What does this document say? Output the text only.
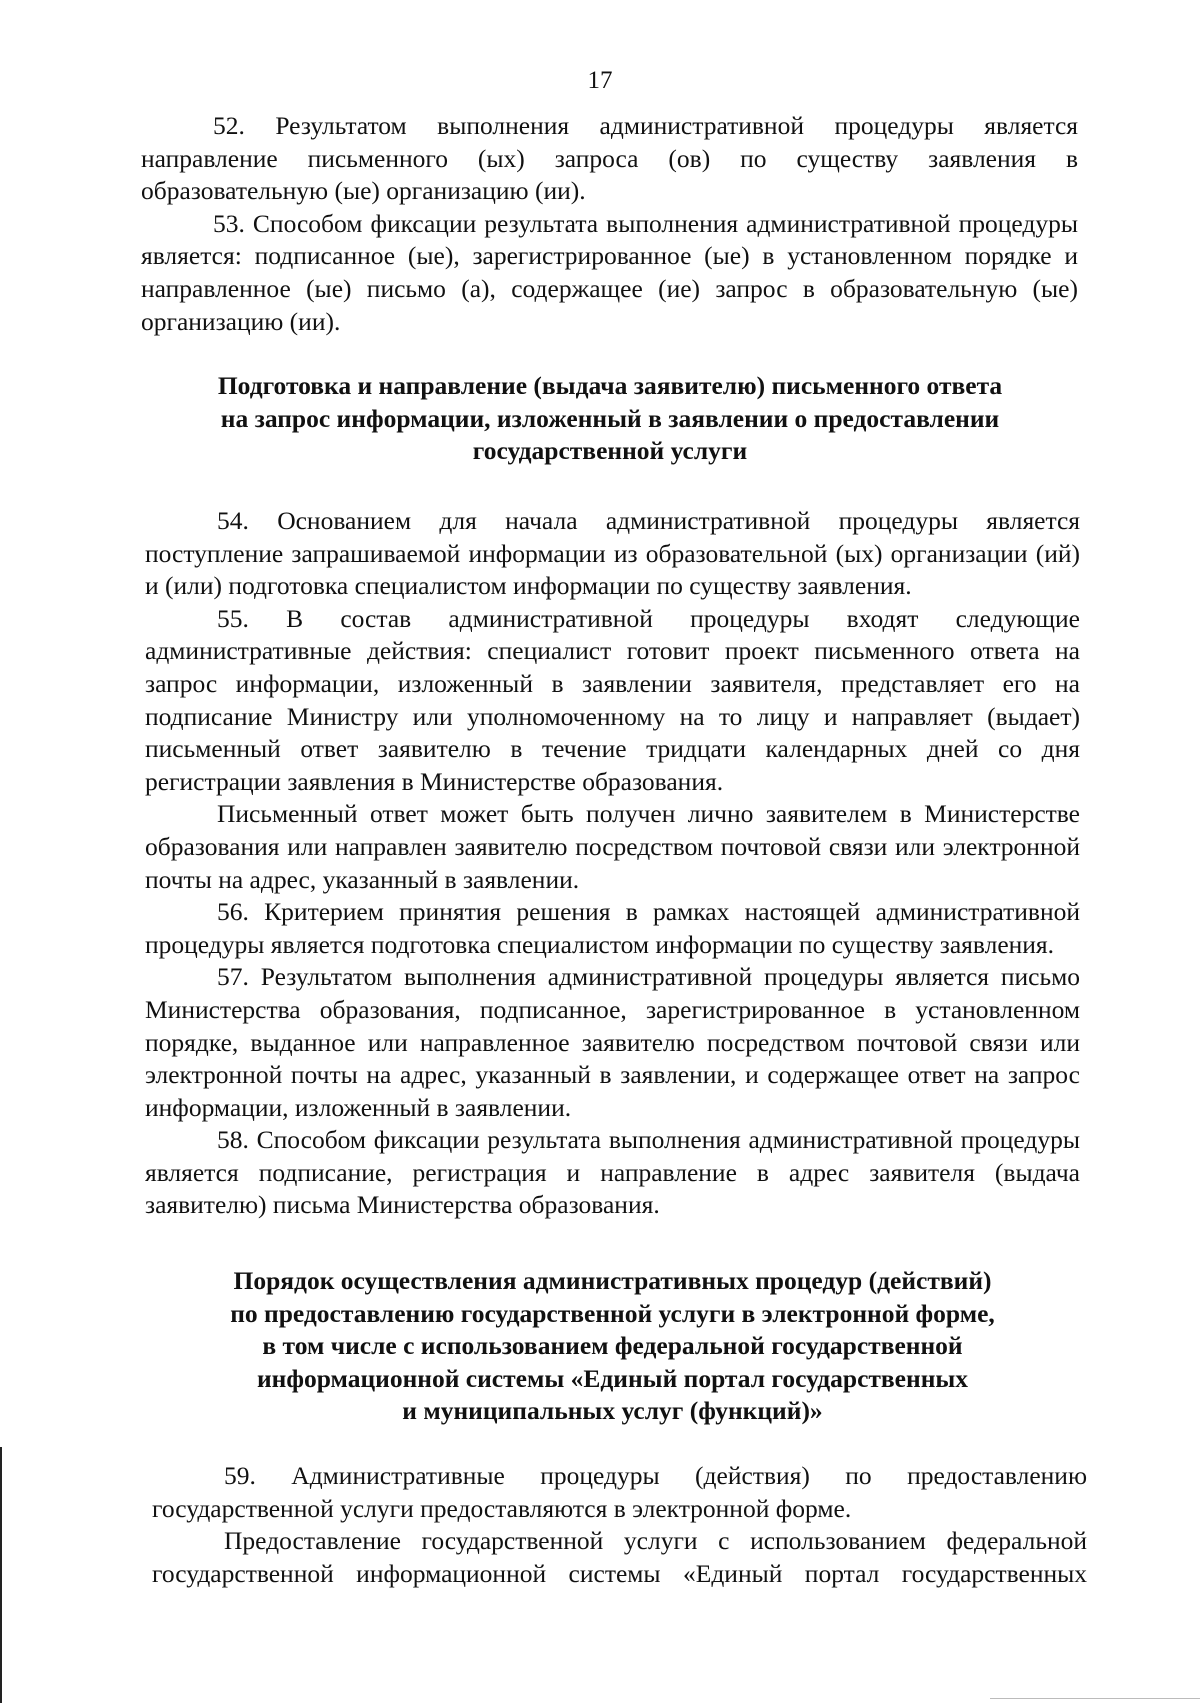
17

52. Результатом выполнения административной процедуры является направление письменного (ых) запроса (ов) по существу заявления в образовательную (ые) организацию (ии).

53. Способом фиксации результата выполнения административной процедуры является: подписанное (ые), зарегистрированное (ые) в установленном порядке и направленное (ые) письмо (а), содержащее (ие) запрос в образовательную (ые) организацию (ии).

Подготовка и направление (выдача заявителю) письменного ответа
на запрос информации, изложенный в заявлении о предоставлении
государственной услуги

54. Основанием для начала административной процедуры является поступление запрашиваемой информации из образовательной (ых) организации (ий) и (или) подготовка специалистом информации по существу заявления.

55. В состав административной процедуры входят следующие административные действия: специалист готовит проект письменного ответа на запрос информации, изложенный в заявлении заявителя, представляет его на подписание Министру или уполномоченному на то лицу и направляет (выдает) письменный ответ заявителю в течение тридцати календарных дней со дня регистрации заявления в Министерстве образования.

Письменный ответ может быть получен лично заявителем в Министерстве образования или направлен заявителю посредством почтовой связи или электронной почты на адрес, указанный в заявлении.

56. Критерием принятия решения в рамках настоящей административной процедуры является подготовка специалистом информации по существу заявления.

57. Результатом выполнения административной процедуры является письмо Министерства образования, подписанное, зарегистрированное в установленном порядке, выданное или направленное заявителю посредством почтовой связи или электронной почты на адрес, указанный в заявлении, и содержащее ответ на запрос информации, изложенный в заявлении.

58. Способом фиксации результата выполнения административной процедуры является подписание, регистрация и направление в адрес заявителя (выдача заявителю) письма Министерства образования.

Порядок осуществления административных процедур (действий)
по предоставлению государственной услуги в электронной форме,
в том числе с использованием федеральной государственной
информационной системы «Единый портал государственных
и муниципальных услуг (функций)»

59. Административные процедуры (действия) по предоставлению государственной услуги предоставляются в электронной форме.

Предоставление государственной услуги с использованием федеральной государственной информационной системы «Единый портал государственных
